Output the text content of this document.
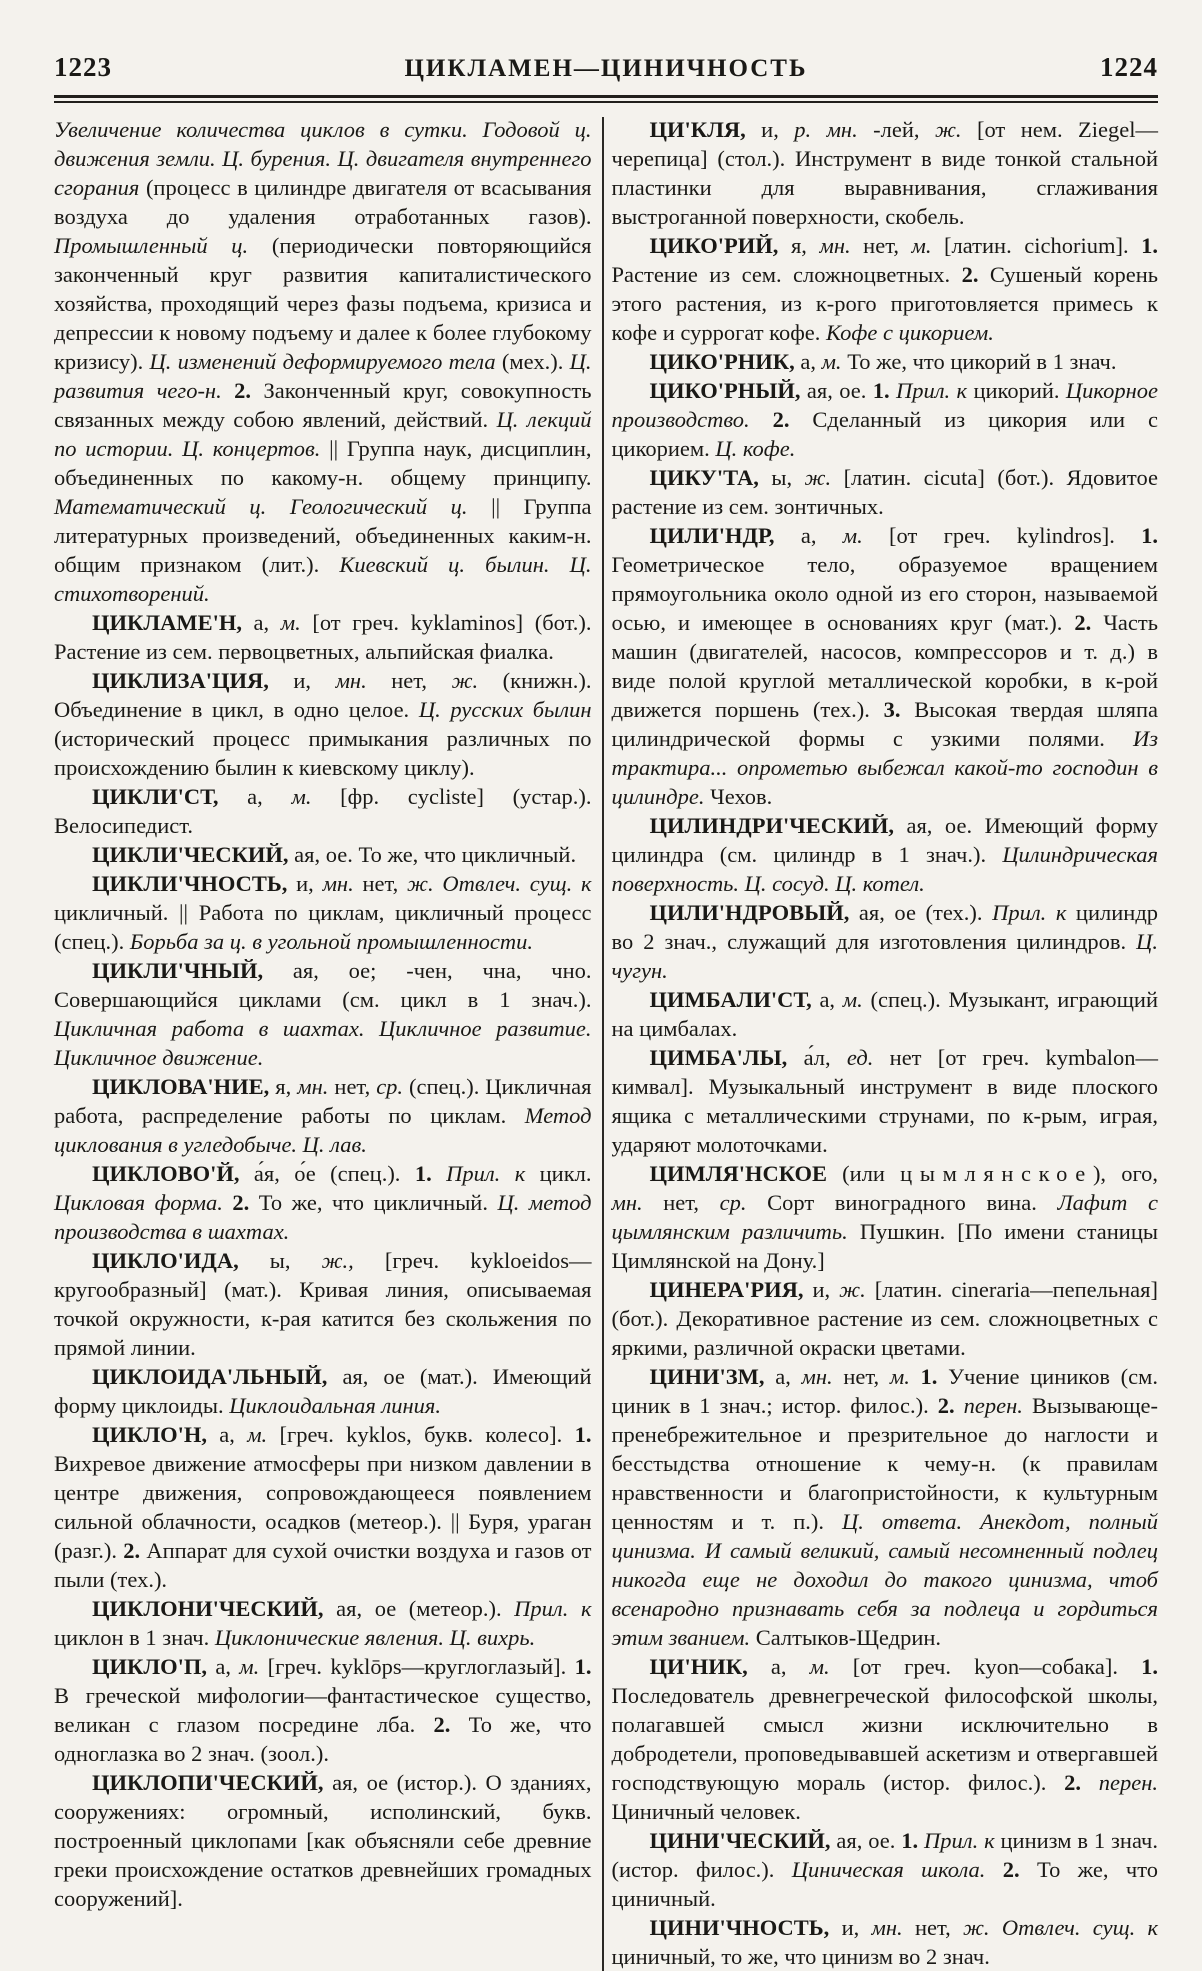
1223	ЦИКЛАМЕН—ЦИНИЧНОСТЬ	1224

Увеличение количества циклов в сутки. Годовой ц. движения земли. Ц. бурения. Ц. двигателя внутреннего сгорания (процесс в цилиндре двигателя от всасывания воздуха до удаления отработанных газов). Промышленный ц. (периодически повторяющийся законченный круг развития капиталистического хозяйства, проходящий через фазы подъема, кризиса и депрессии к новому подъему и далее к более глубокому кризису). Ц. изменений деформируемого тела (мех.). Ц. развития чего-н. 2. Законченный круг, совокупность связанных между собою явлений, действий. Ц. лекций по истории. Ц. концертов. || Группа наук, дисциплин, объединенных по какому-н. общему принципу. Математический ц. Геологический ц. || Группа литературных произведений, объединенных каким-н. общим признаком (лит.). Киевский ц. былин. Ц. стихотворений.

ЦИКЛАМЕ'Н, а, м. [от греч. kyklaminos] (бот.). Растение из сем. первоцветных, альпийская фиалка.

ЦИКЛИЗА'ЦИЯ, и, мн. нет, ж. (книжн.). Объединение в цикл, в одно целое. Ц. русских былин (исторический процесс примыкания различных по происхождению былин к киевскому циклу).

ЦИКЛИ'СТ, а, м. [фр. cycliste] (устар.). Велосипедист.

ЦИКЛИ'ЧЕСКИЙ, ая, ое. То же, что цикличный.

ЦИКЛИ'ЧНОСТЬ, и, мн. нет, ж. Отвлеч. сущ. к цикличный. || Работа по циклам, цикличный процесс (спец.). Борьба за ц. в угольной промышленности.

ЦИКЛИ'ЧНЫЙ, ая, ое; -чен, чна, чно. Совершающийся циклами (см. цикл в 1 знач.). Цикличная работа в шахтах. Цикличное развитие. Цикличное движение.

ЦИКЛОВА'НИЕ, я, мн. нет, ср. (спец.). Цикличная работа, распределение работы по циклам. Метод циклования в угледобыче. Ц. лав.

ЦИКЛОВО'Й, а́я, о́е (спец.). 1. Прил. к цикл. Цикловая форма. 2. То же, что цикличный. Ц. метод производства в шахтах.

ЦИКЛО'ИДА, ы, ж., [греч. kykloeidos—кругообразный] (мат.). Кривая линия, описываемая точкой окружности, к-рая катится без скольжения по прямой линии.

ЦИКЛОИДА'ЛЬНЫЙ, ая, ое (мат.). Имеющий форму циклоиды. Циклоидальная линия.

ЦИКЛО'Н, а, м. [греч. kyklos, букв. колесо]. 1. Вихревое движение атмосферы при низком давлении в центре движения, сопровождающееся появлением сильной облачности, осадков (метеор.). || Буря, ураган (разг.). 2. Аппарат для сухой очистки воздуха и газов от пыли (тех.).

ЦИКЛОНИ'ЧЕСКИЙ, ая, ое (метеор.). Прил. к циклон в 1 знач. Циклонические явления. Ц. вихрь.

ЦИКЛО'П, а, м. [греч. kyklōps—круглоглазый]. 1. В греческой мифологии—фантастическое существо, великан с глазом посредине лба. 2. То же, что одноглазка во 2 знач. (зоол.).

ЦИКЛОПИ'ЧЕСКИЙ, ая, ое (истор.). О зданиях, сооружениях: огромный, исполинский, букв. построенный циклопами [как объясняли себе древние греки происхождение остатков древнейших громадных сооружений].

ЦИ'КЛЯ, и, р. мн. -лей, ж. [от нем. Ziegel—черепица] (стол.). Инструмент в виде тонкой стальной пластинки для выравнивания, сглаживания выстроганной поверхности, скобель.

ЦИКО'РИЙ, я, мн. нет, м. [латин. cichorium]. 1. Растение из сем. сложноцветных. 2. Сушеный корень этого растения, из к-рого приготовляется примесь к кофе и суррогат кофе. Кофе с цикорием.

ЦИКО'РНИК, а, м. То же, что цикорий в 1 знач.

ЦИКО'РНЫЙ, ая, ое. 1. Прил. к цикорий. Цикорное производство. 2. Сделанный из цикория или с цикорием. Ц. кофе.

ЦИКУ'ТА, ы, ж. [латин. cicuta] (бот.). Ядовитое растение из сем. зонтичных.

ЦИЛИ'НДР, а, м. [от греч. kylindros]. 1. Геометрическое тело, образуемое вращением прямоугольника около одной из его сторон, называемой осью, и имеющее в основаниях круг (мат.). 2. Часть машин (двигателей, насосов, компрессоров и т. д.) в виде полой круглой металлической коробки, в к-рой движется поршень (тех.). 3. Высокая твердая шляпа цилиндрической формы с узкими полями. Из трактира... опрометью выбежал какой-то господин в цилиндре. Чехов.

ЦИЛИНДРИ'ЧЕСКИЙ, ая, ое. Имеющий форму цилиндра (см. цилиндр в 1 знач.). Цилиндрическая поверхность. Ц. сосуд. Ц. котел.

ЦИЛИ'НДРОВЫЙ, ая, ое (тех.). Прил. к цилиндр во 2 знач., служащий для изготовления цилиндров. Ц. чугун.

ЦИМБАЛИ'СТ, а, м. (спец.). Музыкант, играющий на цимбалах.

ЦИМБА'ЛЫ, а́л, ед. нет [от греч. kymbalon—кимвал]. Музыкальный инструмент в виде плоского ящика с металлическими струнами, по к-рым, играя, ударяют молоточками.

ЦИМЛЯ'НСКОЕ (или цымлянское), ого, мн. нет, ср. Сорт виноградного вина. Лафит с цымлянским различить. Пушкин. [По имени станицы Цимлянской на Дону.]

ЦИНЕРА'РИЯ, и, ж. [латин. cineraria—пепельная] (бот.). Декоративное растение из сем. сложноцветных с яркими, различной окраски цветами.

ЦИНИ'ЗМ, а, мн. нет, м. 1. Учение циников (см. циник в 1 знач.; истор. филос.). 2. перен. Вызывающе-пренебрежительное и презрительное до наглости и бесстыдства отношение к чему-н. (к правилам нравственности и благопристойности, к культурным ценностям и т. п.). Ц. ответа. Анекдот, полный цинизма. И самый великий, самый несомненный подлец никогда еще не доходил до такого цинизма, чтоб всенародно признавать себя за подлеца и гордиться этим званием. Салтыков-Щедрин.

ЦИ'НИК, а, м. [от греч. kyon—собака]. 1. Последователь древнегреческой философской школы, полагавшей смысл жизни исключительно в добродетели, проповедывавшей аскетизм и отвергавшей господствующую мораль (истор. филос.). 2. перен. Циничный человек.

ЦИНИ'ЧЕСКИЙ, ая, ое. 1. Прил. к цинизм в 1 знач. (истор. филос.). Циническая школа. 2. То же, что циничный.

ЦИНИ'ЧНОСТЬ, и, мн. нет, ж. Отвлеч. сущ. к циничный, то же, что цинизм во 2 знач.
